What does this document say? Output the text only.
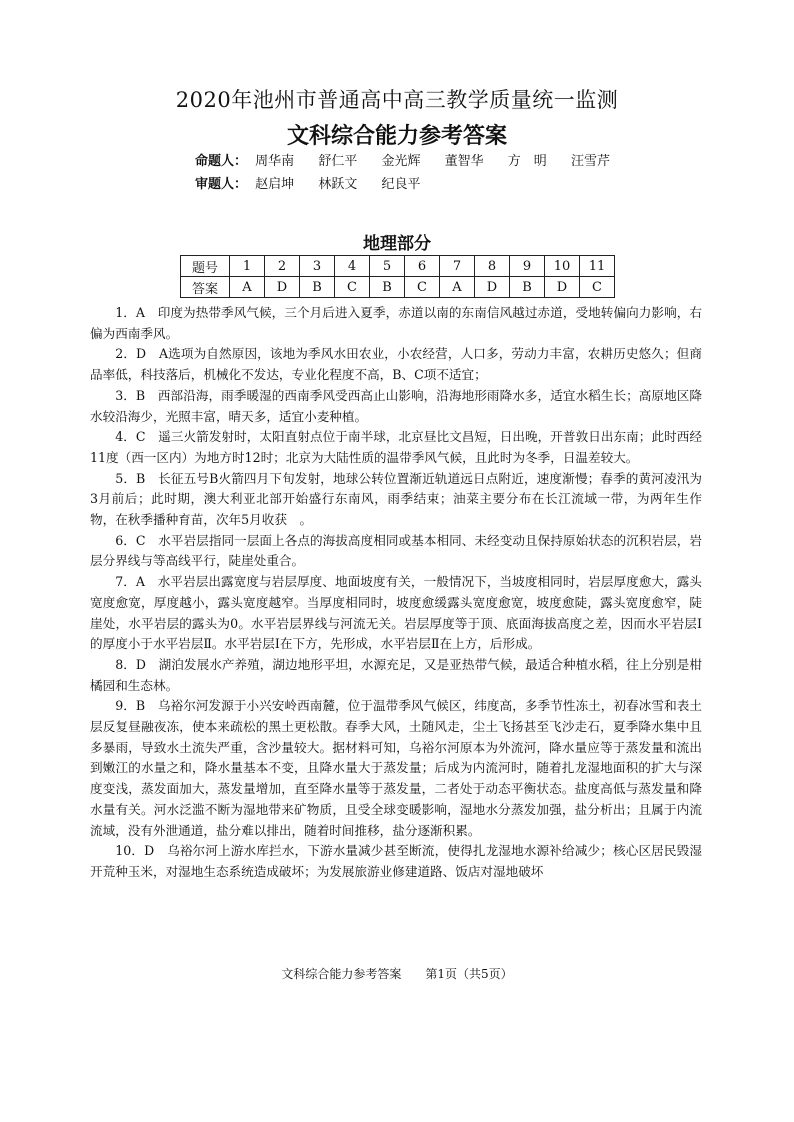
2020年池州市普通高中高三教学质量统一监测
文科综合能力参考答案
命题人： 周华南 舒仁平 金光辉 董智华 方　明 汪雪芹
审题人： 赵启坤 林跃文 纪良平
地理部分
题号	1	2	3	4	5	6	7	8	9	10	11
答案	A	D	B	C	B	C	A	D	B	D	C

1．A　印度为热带季风气候，三个月后进入夏季，赤道以南的东南信风越过赤道，受地转偏向力影响，右偏为西南季风。

2．D　A选项为自然原因，该地为季风水田农业，小农经营，人口多，劳动力丰富，农耕历史悠久；但商品率低，科技落后，机械化不发达，专业化程度不高，B、C项不适宜；

3．B　西部沿海，雨季暖湿的西南季风受西高止山影响，沿海地形雨降水多，适宜水稻生长；高原地区降水较沿海少，光照丰富，晴天多，适宜小麦种植。

4．C　遥三火箭发射时，太阳直射点位于南半球，北京昼比文昌短，日出晚，开普敦日出东南；此时西经11度（西一区内）为地方时12时；北京为大陆性质的温带季风气候，且此时为冬季，日温差较大。

5．B　长征五号B火箭四月下旬发射，地球公转位置渐近轨道远日点附近，速度渐慢；春季的黄河凌汛为3月前后；此时期，澳大利亚北部开始盛行东南风，雨季结束；油菜主要分布在长江流域一带，为两年生作物，在秋季播种育苗，次年5月收获　。

6．C　水平岩层指同一层面上各点的海拔高度相同或基本相同、未经变动且保持原始状态的沉积岩层，岩层分界线与等高线平行，陡崖处重合。

7．A　水平岩层出露宽度与岩层厚度、地面坡度有关，一般情况下，当坡度相同时，岩层厚度愈大，露头宽度愈宽，厚度越小，露头宽度越窄。当厚度相同时，坡度愈缓露头宽度愈宽，坡度愈陡，露头宽度愈窄，陡崖处，水平岩层的露头为0。水平岩层界线与河流无关。岩层厚度等于顶、底面海拔高度之差，因而水平岩层Ⅰ的厚度小于水平岩层Ⅱ。水平岩层Ⅰ在下方，先形成，水平岩层Ⅱ在上方，后形成。

8．D　湖泊发展水产养殖，湖边地形平坦，水源充足，又是亚热带气候，最适合种植水稻，往上分别是柑橘园和生态林。

9．B　乌裕尔河发源于小兴安岭西南麓，位于温带季风气候区，纬度高，多季节性冻土，初春冰雪和表土层反复昼融夜冻，使本来疏松的黑土更松散。春季大风，土随风走，尘土飞扬甚至飞沙走石，夏季降水集中且多暴雨，导致水土流失严重，含沙量较大。据材料可知，乌裕尔河原本为外流河，降水量应等于蒸发量和流出到嫩江的水量之和，降水量基本不变，且降水量大于蒸发量；后成为内流河时，随着扎龙湿地面积的扩大与深度变浅，蒸发面加大，蒸发量增加，直至降水量等于蒸发量，二者处于动态平衡状态。盐度高低与蒸发量和降水量有关。河水泛滥不断为湿地带来矿物质，且受全球变暖影响，湿地水分蒸发加强，盐分析出；且属于内流流域，没有外泄通道，盐分难以排出，随着时间推移，盐分逐渐积累。

10．D　乌裕尔河上游水库拦水，下游水量减少甚至断流，使得扎龙湿地水源补给减少；核心区居民毁湿开荒种玉米，对湿地生态系统造成破坏；为发展旅游业修建道路、饭店对湿地破坏

文科综合能力参考答案　　第1页（共5页）
